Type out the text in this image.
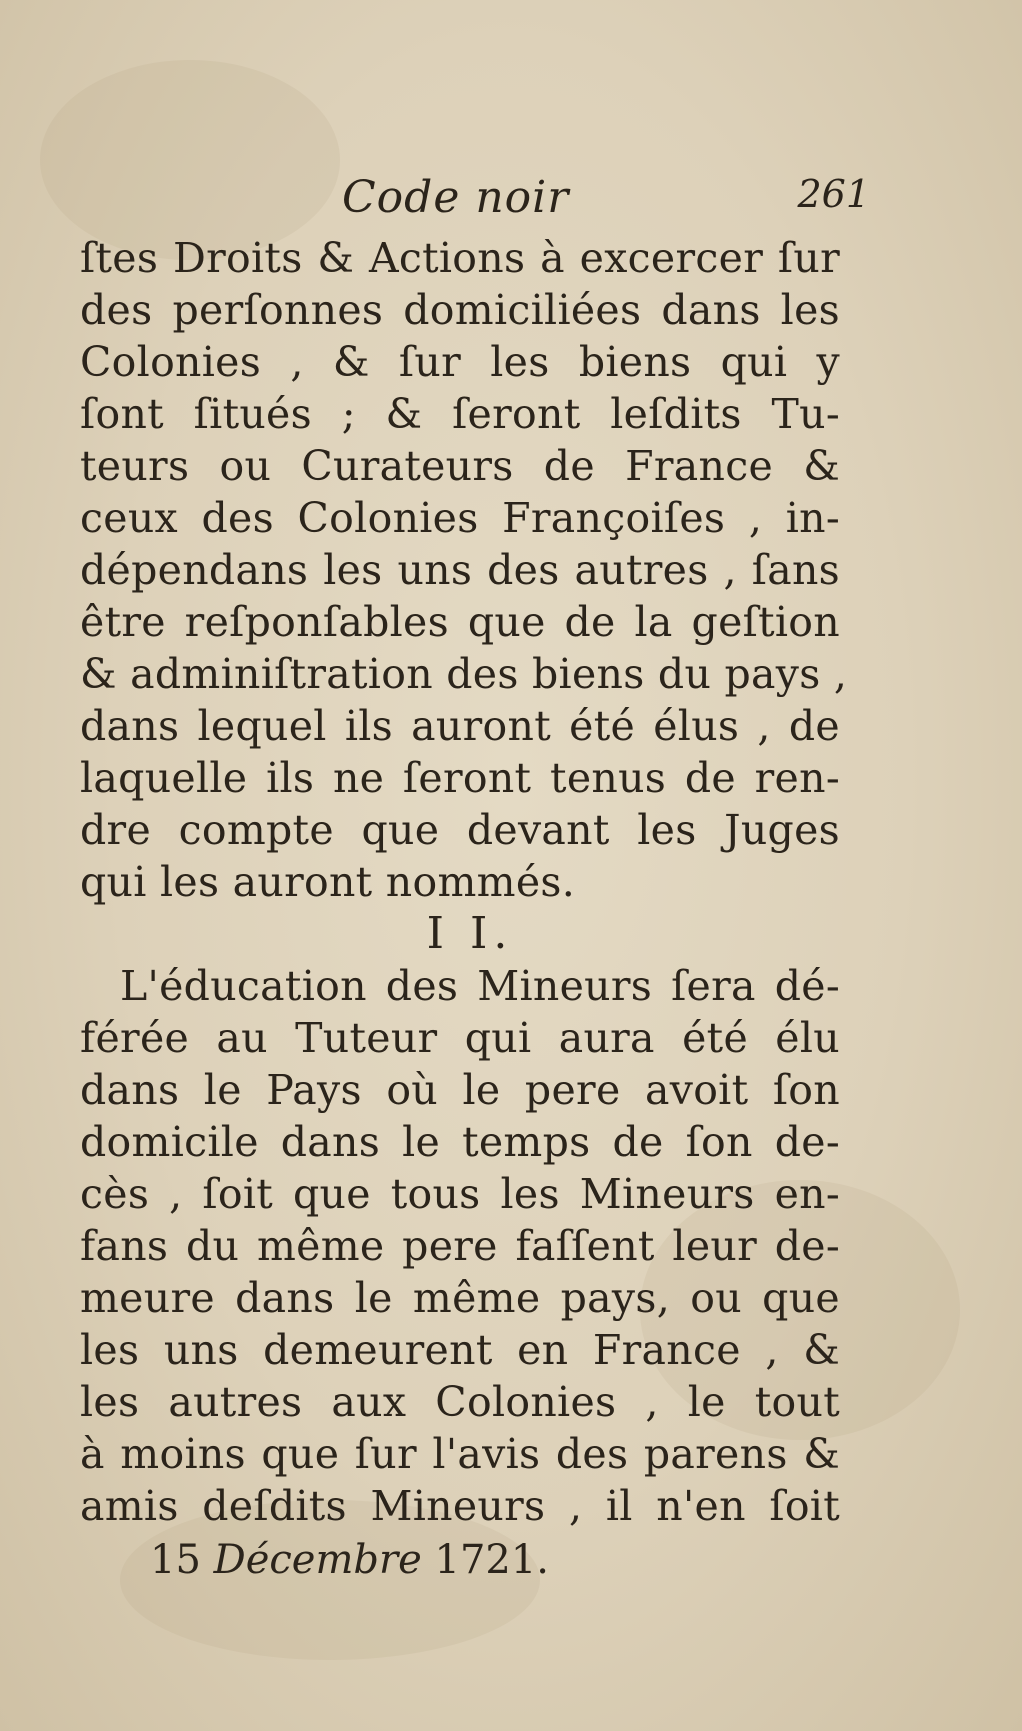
Code noir	261
ſtes Droits & Actions à excercer ſur
des perſonnes domiciliées dans les
Colonies , & ſur les biens qui y
ſont ſitués ; & ſeront leſdits Tu-
teurs ou Curateurs de France &
ceux des Colonies Françoiſes , in-
dépendans les uns des autres , ſans
être reſponſables que de la geſtion
& adminiſtration des biens du pays ,
dans lequel ils auront été élus , de
laquelle ils ne ſeront tenus de ren-
dre compte que devant les Juges
qui les auront nommés.
I I.
L'éducation des Mineurs ſera dé-
férée au Tuteur qui aura été élu
dans le Pays où le pere avoit ſon
domicile dans le temps de ſon de-
cès , ſoit que tous les Mineurs en-
fans du même pere faſſent leur de-
meure dans le même pays, ou que
les uns demeurent en France , &
les autres aux Colonies , le tout
à moins que ſur l'avis des parens &
amis deſdits Mineurs , il n'en ſoit
15 Décembre 1721.
